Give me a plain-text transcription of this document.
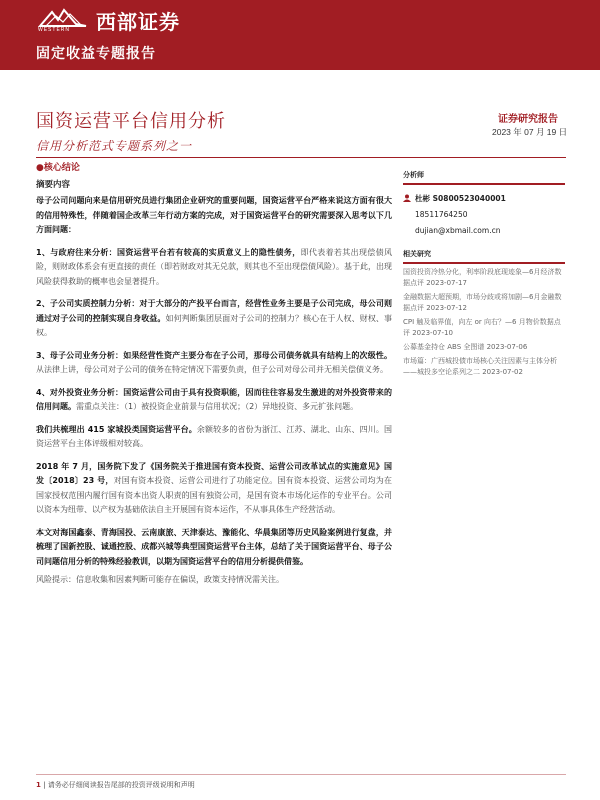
WESTERN 西部证券
固定收益专题报告
国资运营平台信用分析
信用分析范式专题系列之一
证券研究报告
2023 年 07 月 19 日
●核心结论
摘要内容

母子公司问题向来是信用研究员进行集团企业研究的重要问题，国资运营平台严格来说这方面有很大的信用特殊性，伴随着国企改革三年行动方案的完成，对于国资运营平台的研究需要深入思考以下几方面问题：

1、与政府往来分析：国资运营平台若有较高的实质意义上的隐性债务，即代表着若其出现偿债风险，则财政体系会有更直接的责任（即若财政对其无兑款，则其也不至出现偿债风险）。基于此，出现风险获得救助的概率也会显著提升。

2、子公司实质控制力分析：对于大部分的产投平台而言，经营性业务主要是子公司完成，母公司则通过对子公司的控制实现自身收益。如何判断集团层面对子公司的控制力？核心在于人权、财权、事权。

3、母子公司业务分析：如果经营性资产主要分布在子公司，那母公司债务就具有结构上的次级性。从法律上讲，母公司对子公司的债务在特定情况下需要负责，但子公司对母公司并无相关偿债义务。

4、对外投资业务分析：国资运营公司由于具有投资职能，因而往往容易发生激进的对外投资带来的信用问题。需重点关注：（1）被投资企业前景与信用状况；（2）异地投资、多元扩张问题。

我们共梳理出 415 家城投类国资运营平台。余额较多的省份为浙江、江苏、湖北、山东、四川。国资运营平台主体评级相对较高。

2018 年 7 月，国务院下发了《国务院关于推进国有资本投资、运营公司改革试点的实施意见》国发〔2018〕23 号，对国有资本投资、运营公司进行了功能定位。国有资本投资、运营公司均为在国家授权范围内履行国有资本出资人职责的国有独资公司，是国有资本市场化运作的专业平台。公司以资本为纽带、以产权为基础依法自主开展国有资本运作，不从事具体生产经营活动。

本文对海国鑫泰、青海国投、云南康旅、天津泰达、豫能化、华晨集团等历史风险案例进行复盘，并梳理了国新控股、诚通控股、成都兴城等典型国资运营平台主体，总结了关于国资运营平台、母子公司问题信用分析的特殊经验教训，以期为国资运营平台的信用分析提供借鉴。

风险提示：信息收集和因素判断可能存在偏误，政策支持情况需关注。

分析师
杜彬 S0800523040001
18511764250
dujian@xbmail.com.cn
相关研究
国资投资冷热分化，利率阶段底现迹象—6月经济数据点评 2023-07-17
金融数据大超预期，市场分歧或将加剧—6月金融数据点评 2023-07-12
CPI 触及临界值，向左 or 向右？—6 月物价数据点评 2023-07-10
公募基金持仓 ABS 全图谱 2023-07-06
市场篇：广西城投债市场核心关注因素与主体分析——城投多空论系列之二 2023-07-02
1 | 请务必仔细阅读报告尾部的投资评级说明和声明
